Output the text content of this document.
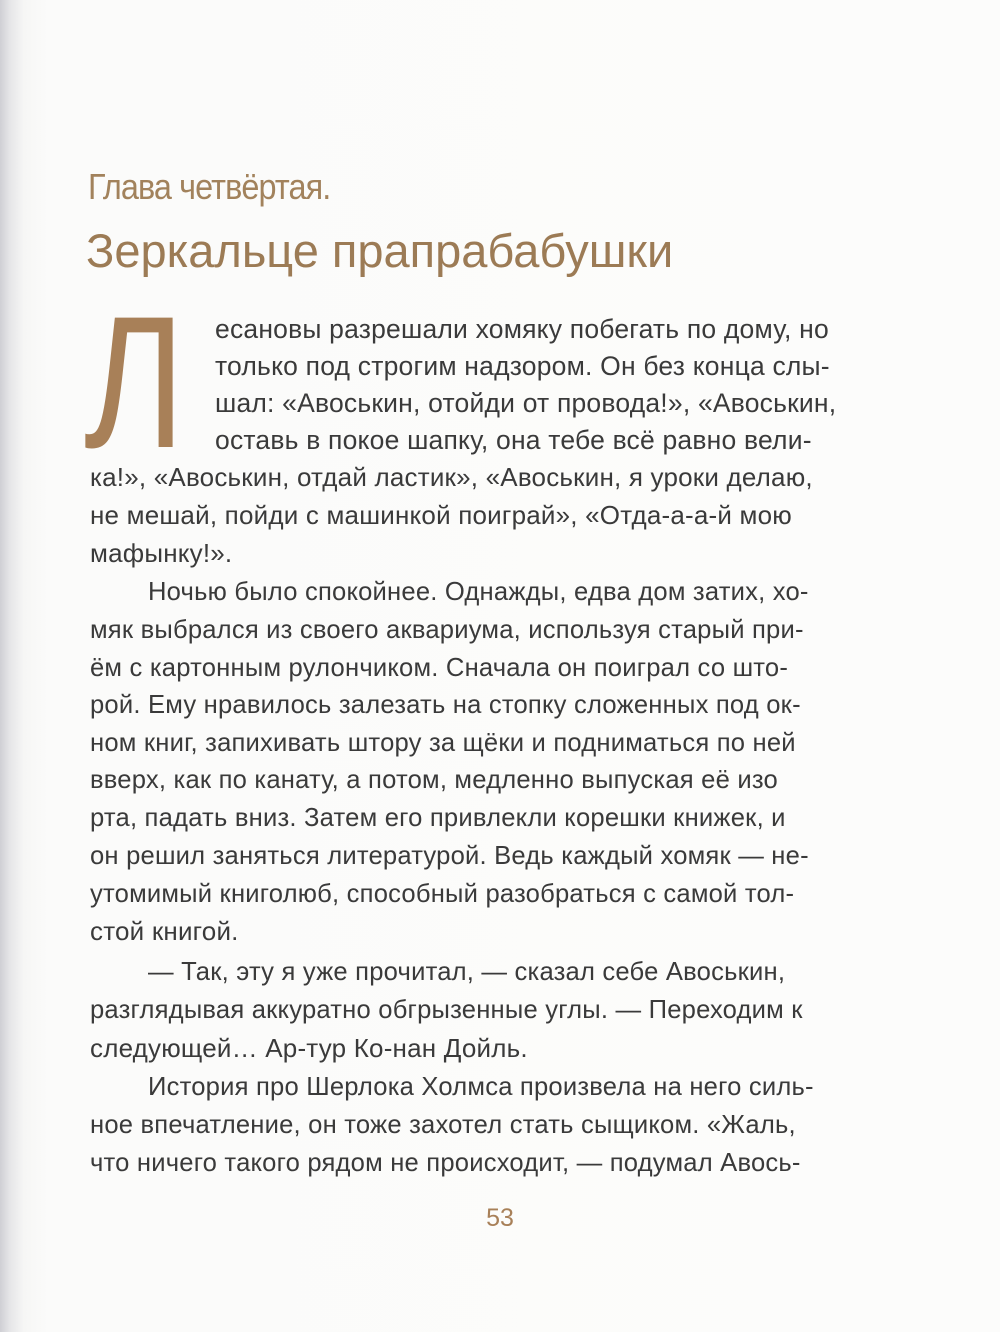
Глава четвёртая.
Зеркальце прапрабабушки
Л есановы разрешали хомяку побегать по дому, но

только под строгим надзором. Он без конца слы-

шал: «Авоськин, отойди от провода!», «Авоськин,

оставь в покое шапку, она тебе всё равно вели-

ка!», «Авоськин, отдай ластик», «Авоськин, я уроки делаю,

не мешай, пойди с машинкой поиграй», «Отда-а-а-й мою

мафынку!».

Ночью было спокойнее. Однажды, едва дом затих, хо-

мяк выбрался из своего аквариума, используя старый при-

ём с картонным рулончиком. Сначала он поиграл со што-

рой. Ему нравилось залезать на стопку сложенных под ок-

ном книг, запихивать штору за щёки и подниматься по ней

вверх, как по канату, а потом, медленно выпуская её изо

рта, падать вниз. Затем его привлекли корешки книжек, и

он решил заняться литературой. Ведь каждый хомяк — не-

утомимый книголюб, способный разобраться с самой тол-

стой книгой.

— Так, эту я уже прочитал, — сказал себе Авоськин,

разглядывая аккуратно обгрызенные углы. — Переходим к

следующей… Ар-тур Ко-нан Дойль.

История про Шерлока Холмса произвела на него силь-

ное впечатление, он тоже захотел стать сыщиком. «Жаль,

что ничего такого рядом не происходит, — подумал Авось-

53
